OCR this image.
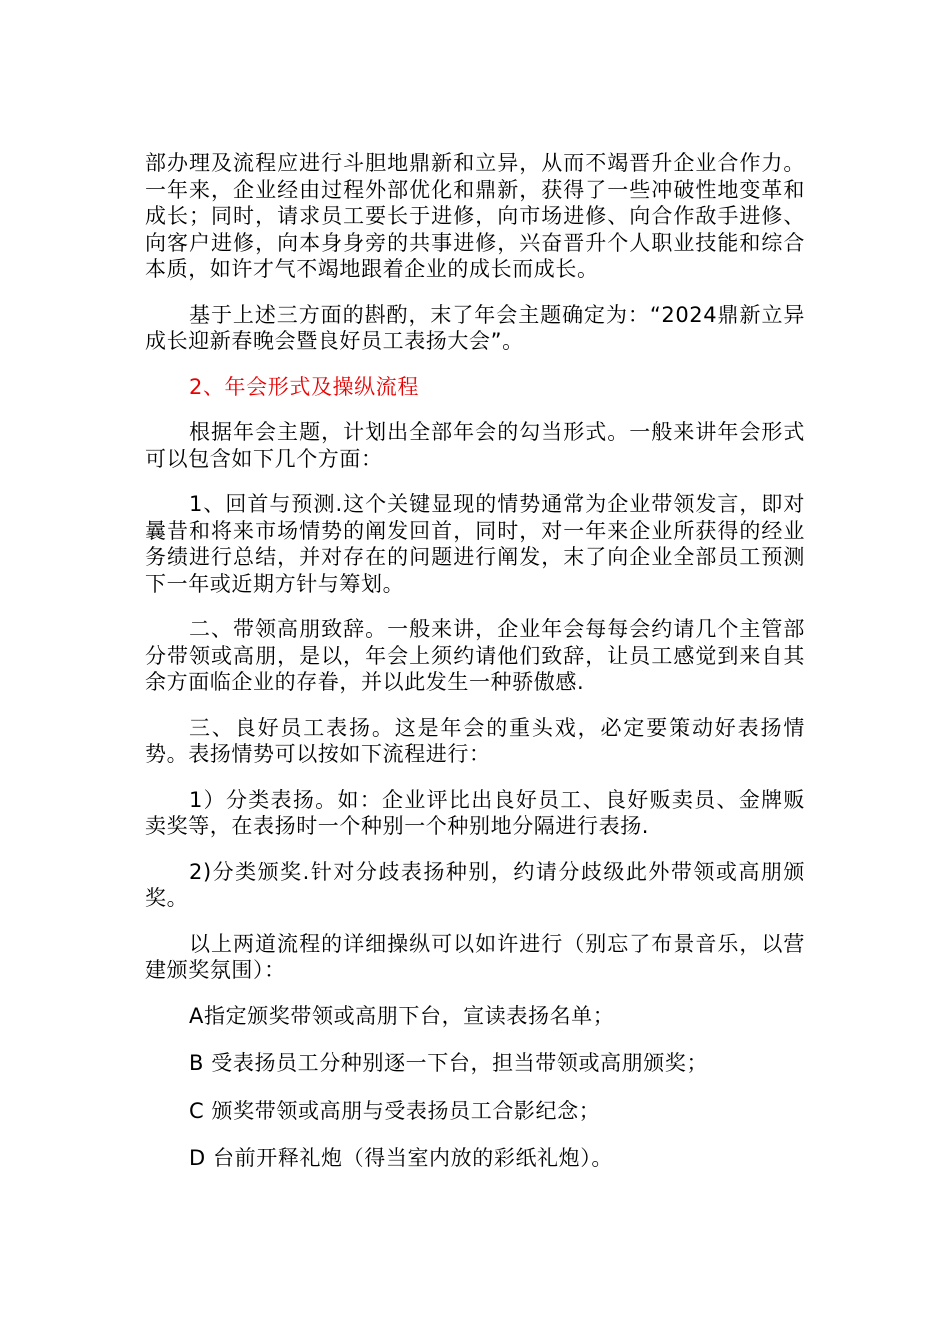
部办理及流程应进行斗胆地鼎新和立异，从而不竭晋升企业合作力。一年来，企业经由过程外部优化和鼎新，获得了一些冲破性地变革和成长；同时，请求员工要长于进修，向市场进修、向合作敌手进修、向客户进修，向本身身旁的共事进修，兴奋晋升个人职业技能和综合本质，如许才气不竭地跟着企业的成长而成长。

基于上述三方面的斟酌，末了年会主题确定为：“2024鼎新立异成长迎新春晚会暨良好员工表扬大会”。

2、年会形式及操纵流程

根据年会主题，计划出全部年会的勾当形式。一般来讲年会形式可以包含如下几个方面：

1、回首与预测.这个关键显现的情势通常为企业带领发言，即对曩昔和将来市场情势的阐发回首，同时，对一年来企业所获得的经业务绩进行总结，并对存在的问题进行阐发，末了向企业全部员工预测下一年或近期方针与筹划。

二、带领高朋致辞。一般来讲，企业年会每每会约请几个主管部分带领或高朋，是以，年会上须约请他们致辞，让员工感觉到来自其余方面临企业的存眷，并以此发生一种骄傲感.

三、良好员工表扬。这是年会的重头戏，必定要策动好表扬情势。表扬情势可以按如下流程进行：

1）分类表扬。如：企业评比出良好员工、良好贩卖员、金牌贩卖奖等，在表扬时一个种别一个种别地分隔进行表扬.

2)分类颁奖.针对分歧表扬种别，约请分歧级此外带领或高朋颁奖。

以上两道流程的详细操纵可以如许进行（别忘了布景音乐，以营建颁奖氛围）：

A指定颁奖带领或高朋下台，宣读表扬名单；

B 受表扬员工分种别逐一下台，担当带领或高朋颁奖；

C 颁奖带领或高朋与受表扬员工合影纪念；

D 台前开释礼炮（得当室内放的彩纸礼炮）。
